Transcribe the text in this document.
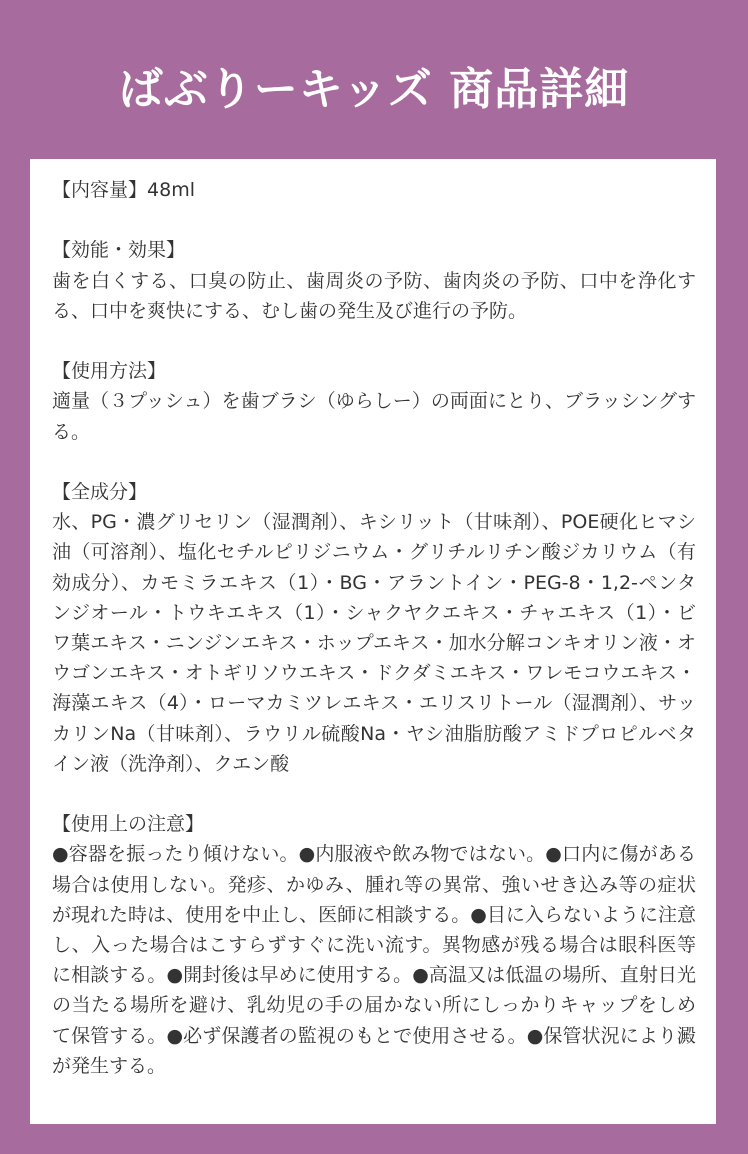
ばぶりーキッズ 商品詳細
【内容量】48ml
【効能・効果】
歯を白くする、口臭の防止、歯周炎の予防、歯肉炎の予防、口中を浄化する、口中を爽快にする、むし歯の発生及び進行の予防。
【使用方法】
適量（３プッシュ）を歯ブラシ（ゆらしー）の両面にとり、ブラッシングする。
【全成分】
水、PG・濃グリセリン（湿潤剤）、キシリット（甘味剤）、POE硬化ヒマシ油（可溶剤）、塩化セチルピリジニウム・グリチルリチン酸ジカリウム（有効成分）、カモミラエキス（1）・BG・アラントイン・PEG-8・1,2-ペンタンジオール・トウキエキス（1）・シャクヤクエキス・チャエキス（1）・ビワ葉エキス・ニンジンエキス・ホップエキス・加水分解コンキオリン液・オウゴンエキス・オトギリソウエキス・ドクダミエキス・ワレモコウエキス・海藻エキス（4）・ローマカミツレエキス・エリスリトール（湿潤剤）、サッカリンNa（甘味剤）、ラウリル硫酸Na・ヤシ油脂肪酸アミドプロピルベタイン液（洗浄剤）、クエン酸
【使用上の注意】
●容器を振ったり傾けない。●内服液や飲み物ではない。●口内に傷がある場合は使用しない。発疹、かゆみ、腫れ等の異常、強いせき込み等の症状が現れた時は、使用を中止し、医師に相談する。●目に入らないように注意し、入った場合はこすらずすぐに洗い流す。異物感が残る場合は眼科医等に相談する。●開封後は早めに使用する。●高温又は低温の場所、直射日光の当たる場所を避け、乳幼児の手の届かない所にしっかりキャップをしめて保管する。●必ず保護者の監視のもとで使用させる。●保管状況により澱が発生する。
